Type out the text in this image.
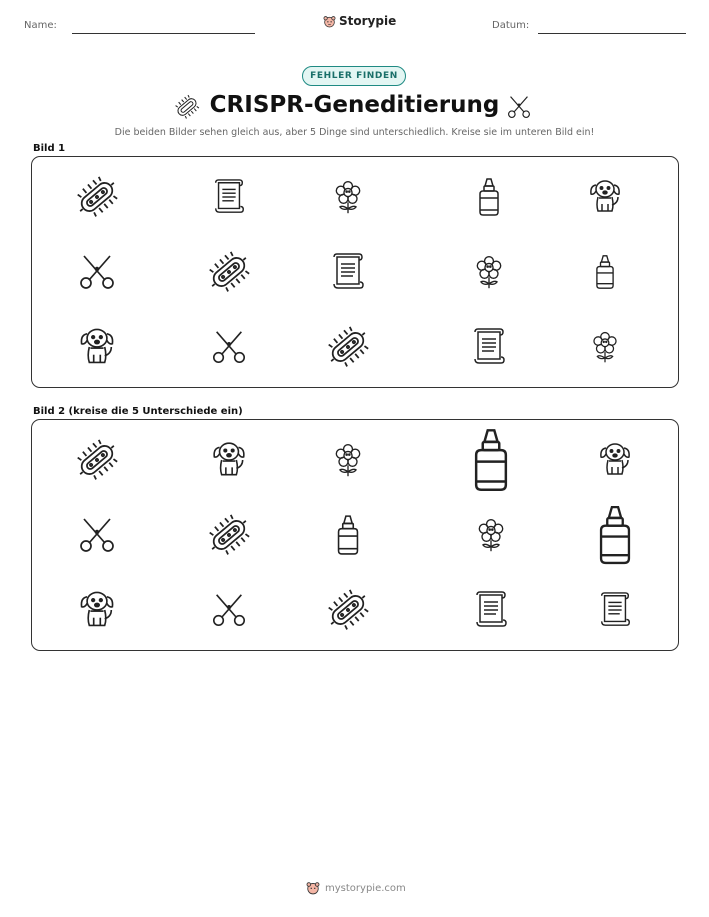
Name:	Storypie	Datum:
FEHLER FINDEN
CRISPR-Geneditierung
Die beiden Bilder sehen gleich aus, aber 5 Dinge sind unterschiedlich. Kreise sie im unteren Bild ein!
Bild 1
Bild 2 (kreise die 5 Unterschiede ein)
mystorypie.com
